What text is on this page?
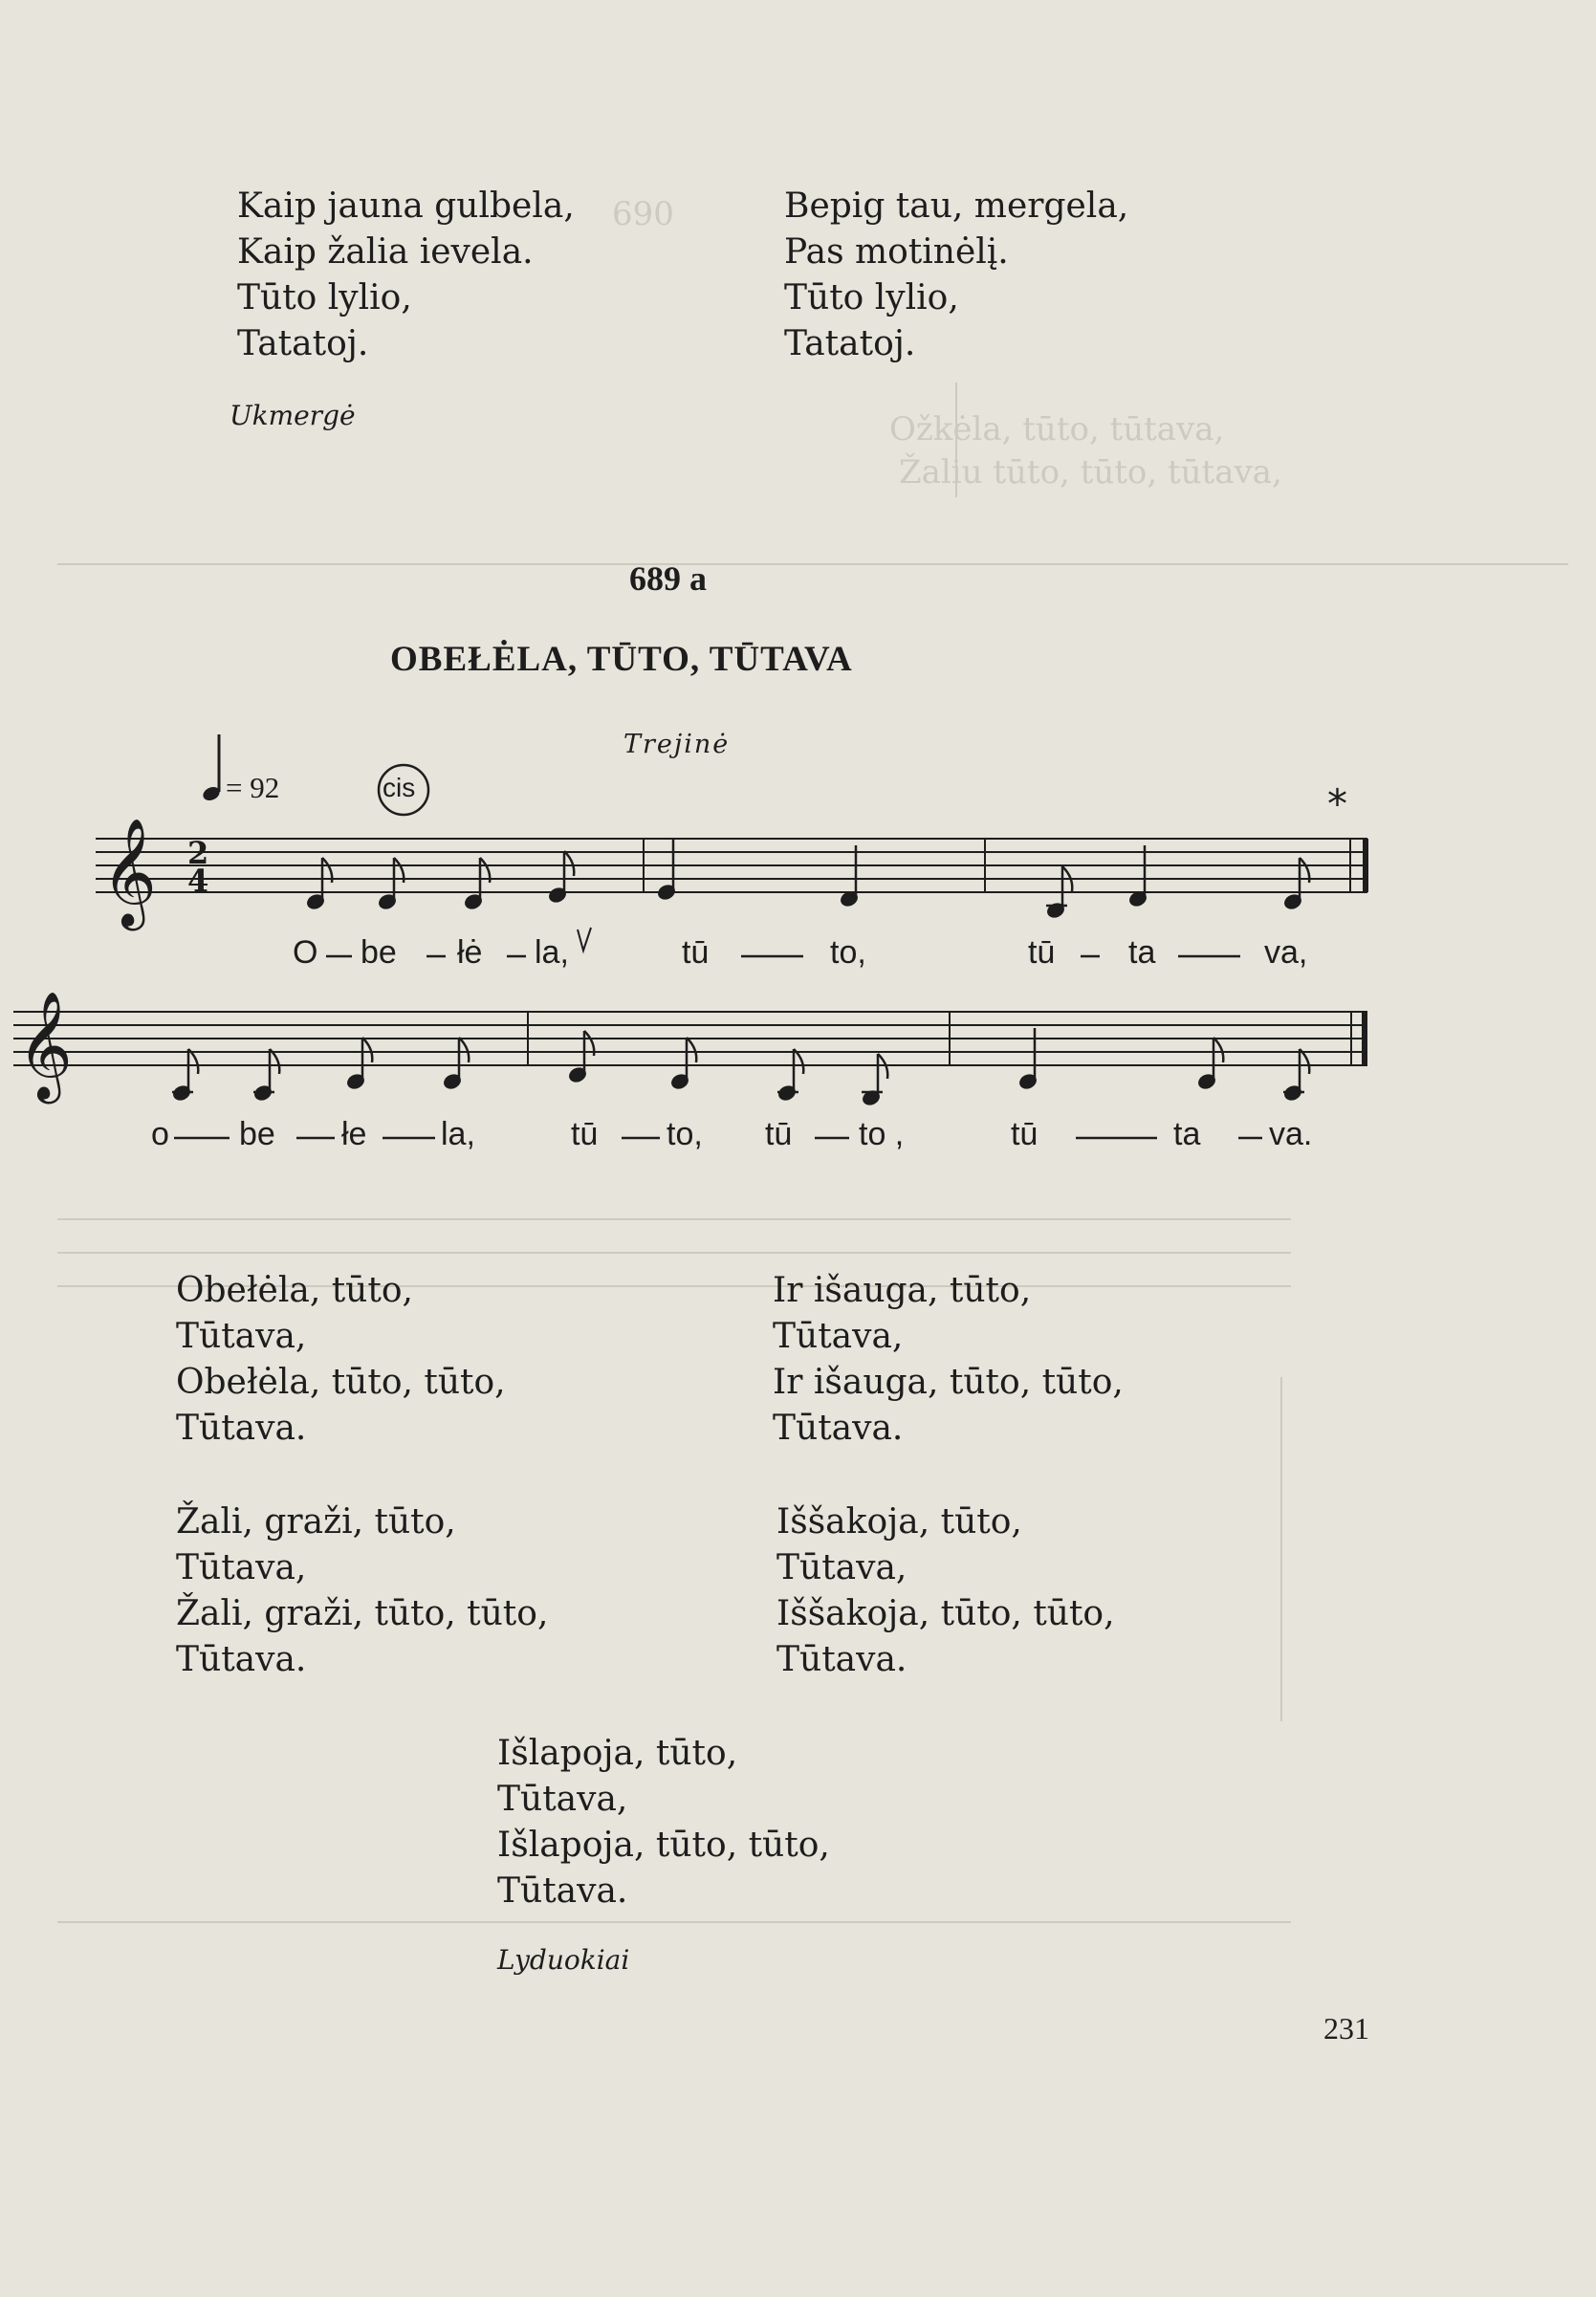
Ožkėla, tūto, tūtava,
Žaliu tūto, tūto, tūtava,
690
Kaip jauna gulbela,
Kaip žalia ievela.
Tūto lylio,
Tatatoj.
Bepig tau, mergela,
Pas motinėlį.
Tūto lylio,
Tatatoj.
Ukmergė
689 a
OBEŁĖLA, TŪTO, TŪTAVA
Trejinė
= 92	cis	*
𝄞 2
4
O be łė la,	tū	to,	tū ta	va,
𝄞
o be łe la,	tū to, tū to ,	tū	ta va.
Obełėla, tūto,
Tūtava,
Obełėla, tūto, tūto,
Tūtava.
Ir išauga, tūto,
Tūtava,
Ir išauga, tūto, tūto,
Tūtava.
Žali, graži, tūto,
Tūtava,
Žali, graži, tūto, tūto,
Tūtava.
Iššakoja, tūto,
Tūtava,
Iššakoja, tūto, tūto,
Tūtava.
Išlapoja, tūto,
Tūtava,
Išlapoja, tūto, tūto,
Tūtava.
Lyduokiai
231
